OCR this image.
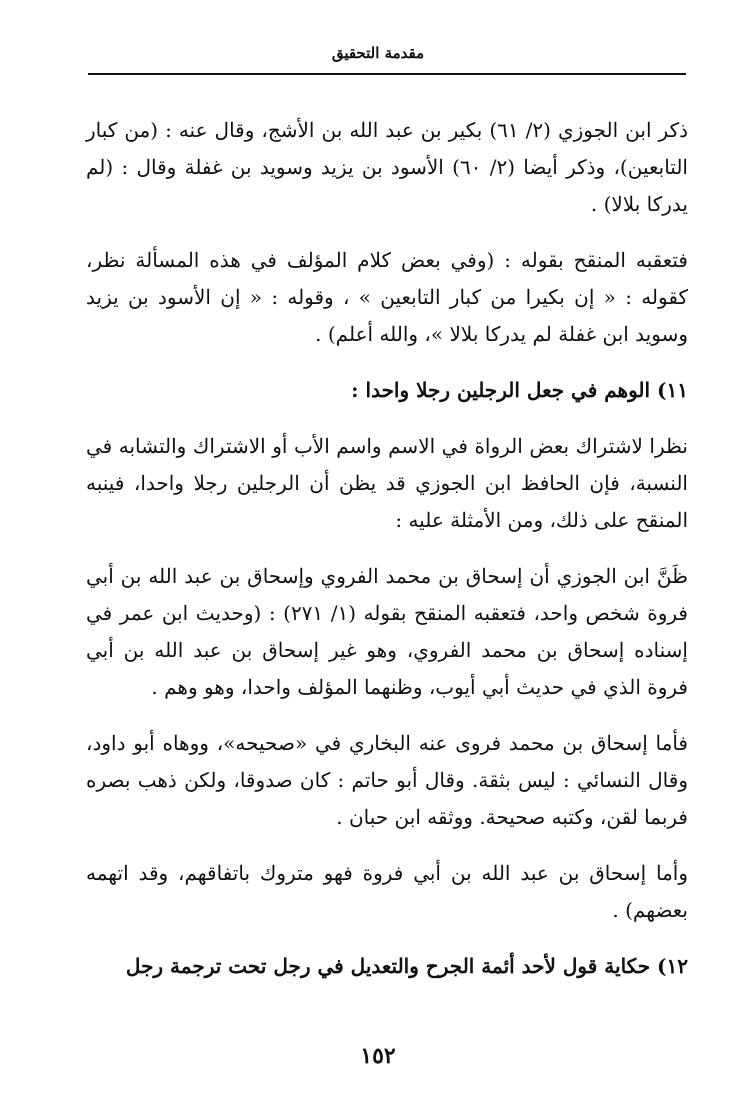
مقدمة التحقيق

ذكر ابن الجوزي (٢/ ٦١) بكير بن عبد الله بن الأشج، وقال عنه : (من كبار التابعين)، وذكر أيضا (٢/ ٦٠) الأسود بن يزيد وسويد بن غفلة وقال : (لم يدركا بلالا) .

فتعقبه المنقح بقوله : (وفي بعض كلام المؤلف في هذه المسألة نظر، كقوله : « إن بكيرا من كبار التابعين » ، وقوله : « إن الأسود بن يزيد وسويد ابن غفلة لم يدركا بلالا »، والله أعلم) .

١١) الوهم في جعل الرجلين رجلا واحدا :

نظرا لاشتراك بعض الرواة في الاسم واسم الأب أو الاشتراك والتشابه في النسبة، فإن الحافظ ابن الجوزي قد يظن أن الرجلين رجلا واحدا، فينبه المنقح على ذلك، ومن الأمثلة عليه :

ظَنَّ ابن الجوزي أن إسحاق بن محمد الفروي وإسحاق بن عبد الله بن أبي فروة شخص واحد، فتعقبه المنقح بقوله (١/ ٢٧١) : (وحديث ابن عمر في إسناده إسحاق بن محمد الفروي، وهو غير إسحاق بن عبد الله بن أبي فروة الذي في حديث أبي أيوب، وظنهما المؤلف واحدا، وهو وهم .

فأما إسحاق بن محمد فروى عنه البخاري في «صحيحه»، ووهاه أبو داود، وقال النسائي : ليس بثقة. وقال أبو حاتم : كان صدوقا، ولكن ذهب بصره فربما لقن، وكتبه صحيحة. ووثقه ابن حبان .

وأما إسحاق بن عبد الله بن أبي فروة فهو متروك باتفاقهم، وقد اتهمه بعضهم) .

١٢) حكاية قول لأحد أئمة الجرح والتعديل في رجل تحت ترجمة رجل

١٥٢
